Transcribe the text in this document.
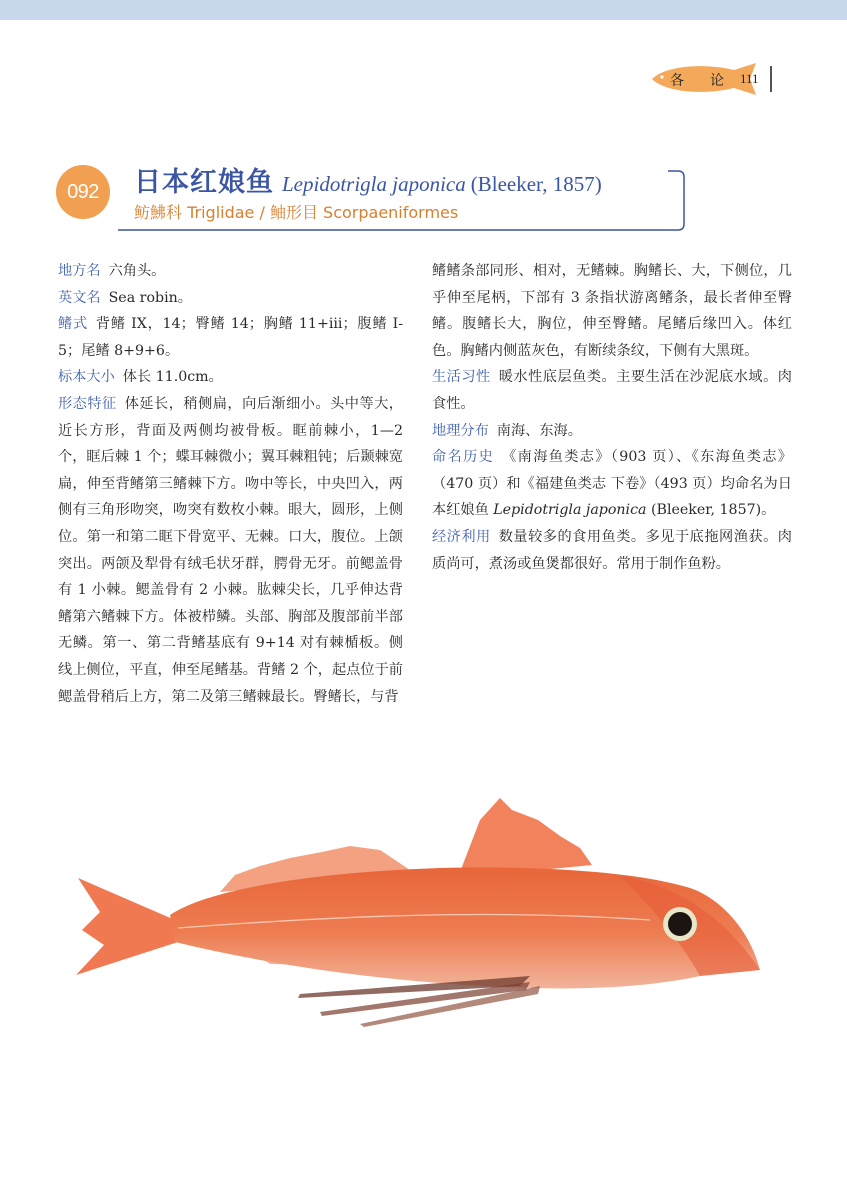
各 论 111
092	日本红娘鱼 Lepidotrigla japonica (Bleeker, 1857)
鲂鮄科 Triglidae / 鲉形目 Scorpaeniformes

地方名 六角头。

英文名 Sea robin。

鳍式 背鳍 IX，14；臀鳍 14；胸鳍 11+iii；腹鳍 I-5；尾鳍 8+9+6。

标本大小 体长 11.0cm。

形态特征 体延长，稍侧扁，向后渐细小。头中等大，近长方形，背面及两侧均被骨板。眶前棘小，1—2 个，眶后棘 1 个；蝶耳棘微小；翼耳棘粗钝；后颞棘宽扁，伸至背鳍第三鳍棘下方。吻中等长，中央凹入，两侧有三角形吻突，吻突有数枚小棘。眼大，圆形，上侧位。第一和第二眶下骨宽平、无棘。口大，腹位。上颌突出。两颌及犁骨有绒毛状牙群，腭骨无牙。前鳃盖骨有 1 小棘。鳃盖骨有 2 小棘。肱棘尖长，几乎伸达背鳍第六鳍棘下方。体被栉鳞。头部、胸部及腹部前半部无鳞。第一、第二背鳍基底有 9+14 对有棘楯板。侧线上侧位，平直，伸至尾鳍基。背鳍 2 个，起点位于前鳃盖骨稍后上方，第二及第三鳍棘最长。臀鳍长，与背

鳍鳍条部同形、相对，无鳍棘。胸鳍长、大，下侧位，几乎伸至尾柄，下部有 3 条指状游离鳍条，最长者伸至臀鳍。腹鳍长大，胸位，伸至臀鳍。尾鳍后缘凹入。体红色。胸鳍内侧蓝灰色，有断续条纹，下侧有大黑斑。

生活习性 暖水性底层鱼类。主要生活在沙泥底水域。肉食性。

地理分布 南海、东海。

命名历史 《南海鱼类志》（903 页）、《东海鱼类志》（470 页）和《福建鱼类志 下卷》（493 页）均命名为日本红娘鱼 Lepidotrigla japonica (Bleeker, 1857)。

经济利用 数量较多的食用鱼类。多见于底拖网渔获。肉质尚可，煮汤或鱼煲都很好。常用于制作鱼粉。
